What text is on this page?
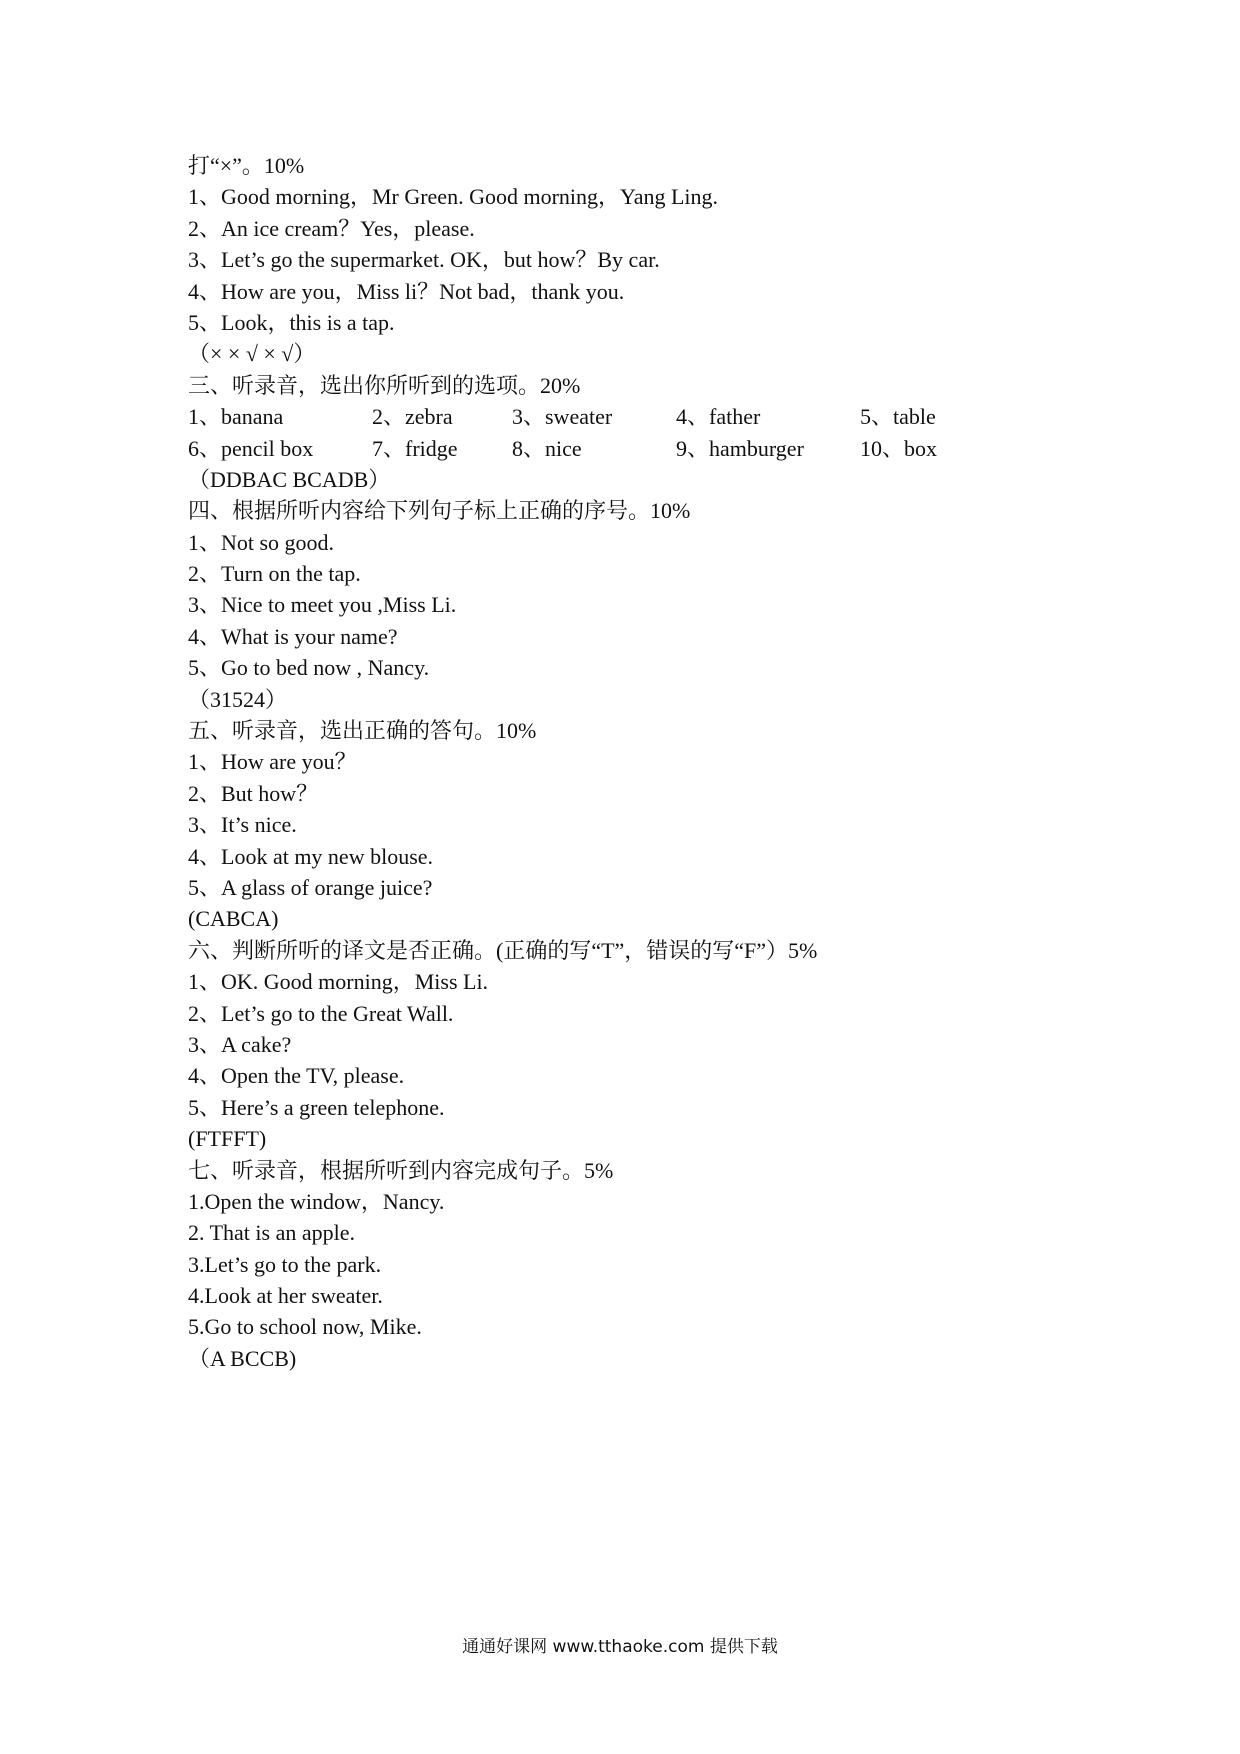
打“×”。10%
1、Good morning，Mr Green. Good morning，Yang Ling.
2、An ice cream？Yes，please.
3、Let’s go the supermarket. OK，but how？By car.
4、How are you，Miss li？Not bad，thank you.
5、Look，this is a tap.
（× × √ × √）
三、听录音，选出你所听到的选项。20%
1、banana	2、zebra	3、sweater	4、father	5、table
6、pencil box	7、fridge	8、nice	9、hamburger	10、box
（DDBAC BCADB）
四、根据所听内容给下列句子标上正确的序号。10%
1、Not so good.
2、Turn on the tap.
3、Nice to meet you ,Miss Li.
4、What is your name?
5、Go to bed now , Nancy.
（31524）
五、听录音，选出正确的答句。10%
1、How are you？
2、But how？
3、It’s nice.
4、Look at my new blouse.
5、A glass of orange juice?
(CABCA)
六、判断所听的译文是否正确。(正确的写“T”，错误的写“F”）5%
1、OK. Good morning，Miss Li.
2、Let’s go to the Great Wall.
3、A cake?
4、Open the TV, please.
5、Here’s a green telephone.
(FTFFT)
七、听录音，根据所听到内容完成句子。5%
1.Open the window，Nancy.
2. That is an apple.
3.Let’s go to the park.
4.Look at her sweater.
5.Go to school now, Mike.
（A BCCB)
通通好课网 www.tthaoke.com 提供下载
